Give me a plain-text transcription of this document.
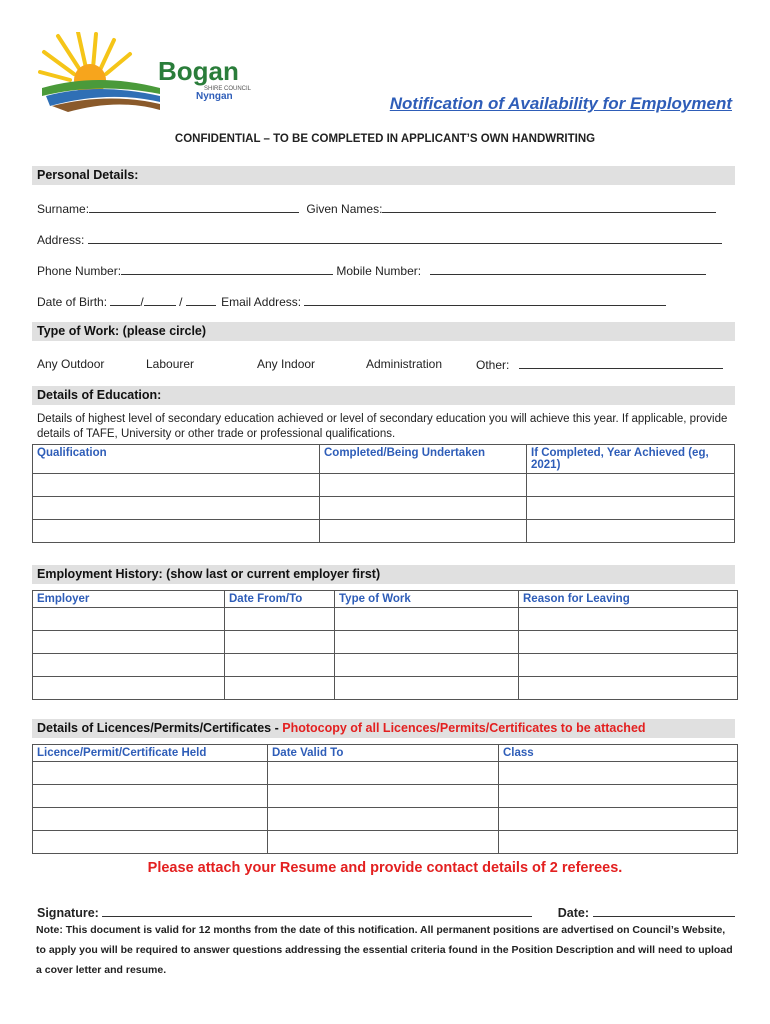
Bogan
SHIRE COUNCIL
Nyngan	Notification of Availability for Employment
CONFIDENTIAL – TO BE COMPLETED IN APPLICANT’S OWN HANDWRITING
Personal Details:
Surname:	Given Names:
Address:
Phone Number:	Mobile Number:
Date of Birth:	/	/	Email Address:
Type of Work: (please circle)
Any Outdoor	Labourer	Any Indoor	Administration	Other:
Details of Education:
Details of highest level of secondary education achieved or level of secondary education you will achieve this year. If applicable, provide details of TAFE, University or other trade or professional qualifications.
Qualification	Completed/Being Undertaken	If Completed, Year Achieved (eg, 2021)

Employment History: (show last or current employer first)
Employer	Date From/To	Type of Work	Reason for Leaving

Details of Licences/Permits/Certificates - Photocopy of all Licences/Permits/Certificates to be attached
Licence/Permit/Certificate Held	Date Valid To	Class

Please attach your Resume and provide contact details of 2 referees.
Signature:	Date:
Note: This document is valid for 12 months from the date of this notification. All permanent positions are advertised on Council’s Website, to apply you will be required to answer questions addressing the essential criteria found in the Position Description and will need to upload a cover letter and resume.
